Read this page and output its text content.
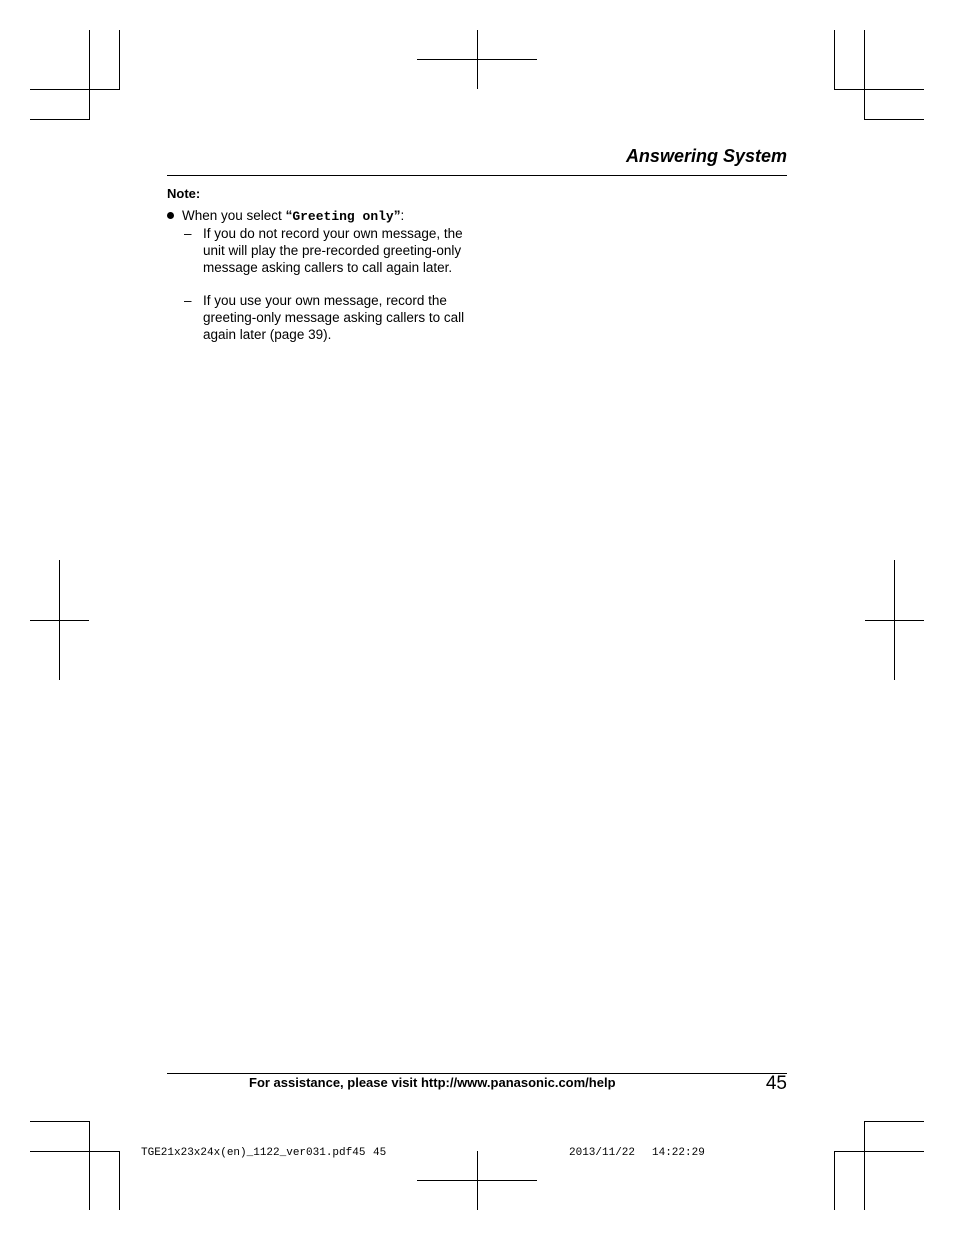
Answering System
Note:
When you select “Greeting only”:
– If you do not record your own message, the unit will play the pre-recorded greeting-only message asking callers to call again later.
– If you use your own message, record the greeting-only message asking callers to call again later (page 39).
For assistance, please visit http://www.panasonic.com/help	45
TGE21x23x24x(en)_1122_ver031.pdf45 45	2013/11/22 14:22:29
